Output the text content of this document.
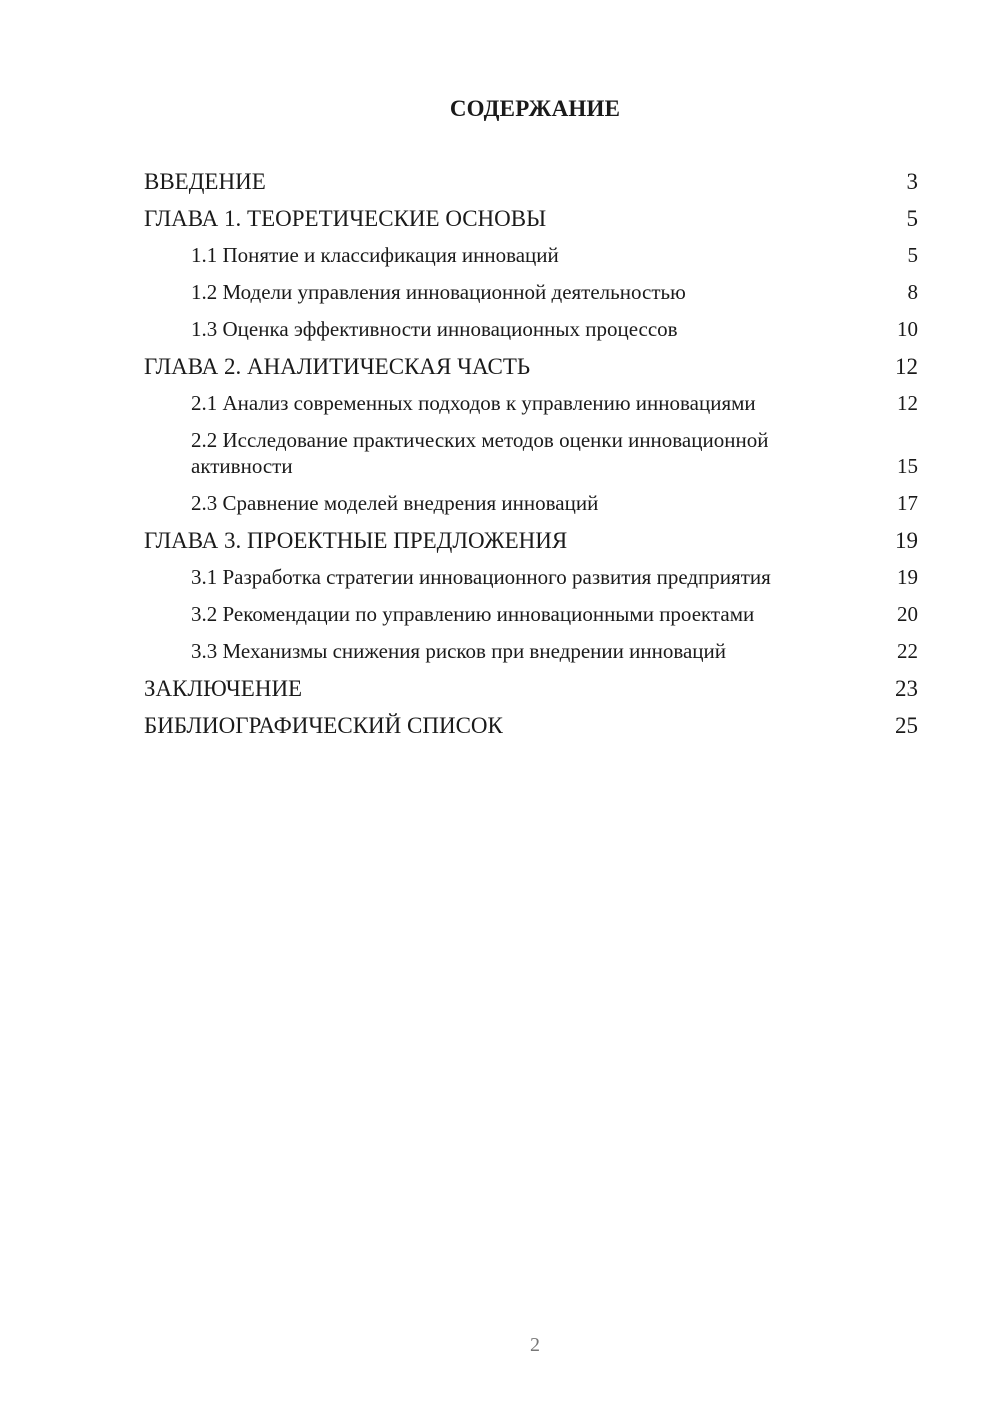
СОДЕРЖАНИЕ
ВВЕДЕНИЕ	3
ГЛАВА 1. ТЕОРЕТИЧЕСКИЕ ОСНОВЫ	5
1.1 Понятие и классификация инноваций	5
1.2 Модели управления инновационной деятельностью	8
1.3 Оценка эффективности инновационных процессов	10
ГЛАВА 2. АНАЛИТИЧЕСКАЯ ЧАСТЬ	12
2.1 Анализ современных подходов к управлению инновациями	12
2.2 Исследование практических методов оценки инновационной активности	15
2.3 Сравнение моделей внедрения инноваций	17
ГЛАВА 3. ПРОЕКТНЫЕ ПРЕДЛОЖЕНИЯ	19
3.1 Разработка стратегии инновационного развития предприятия	19
3.2 Рекомендации по управлению инновационными проектами	20
3.3 Механизмы снижения рисков при внедрении инноваций	22
ЗАКЛЮЧЕНИЕ	23
БИБЛИОГРАФИЧЕСКИЙ СПИСОК	25
2
